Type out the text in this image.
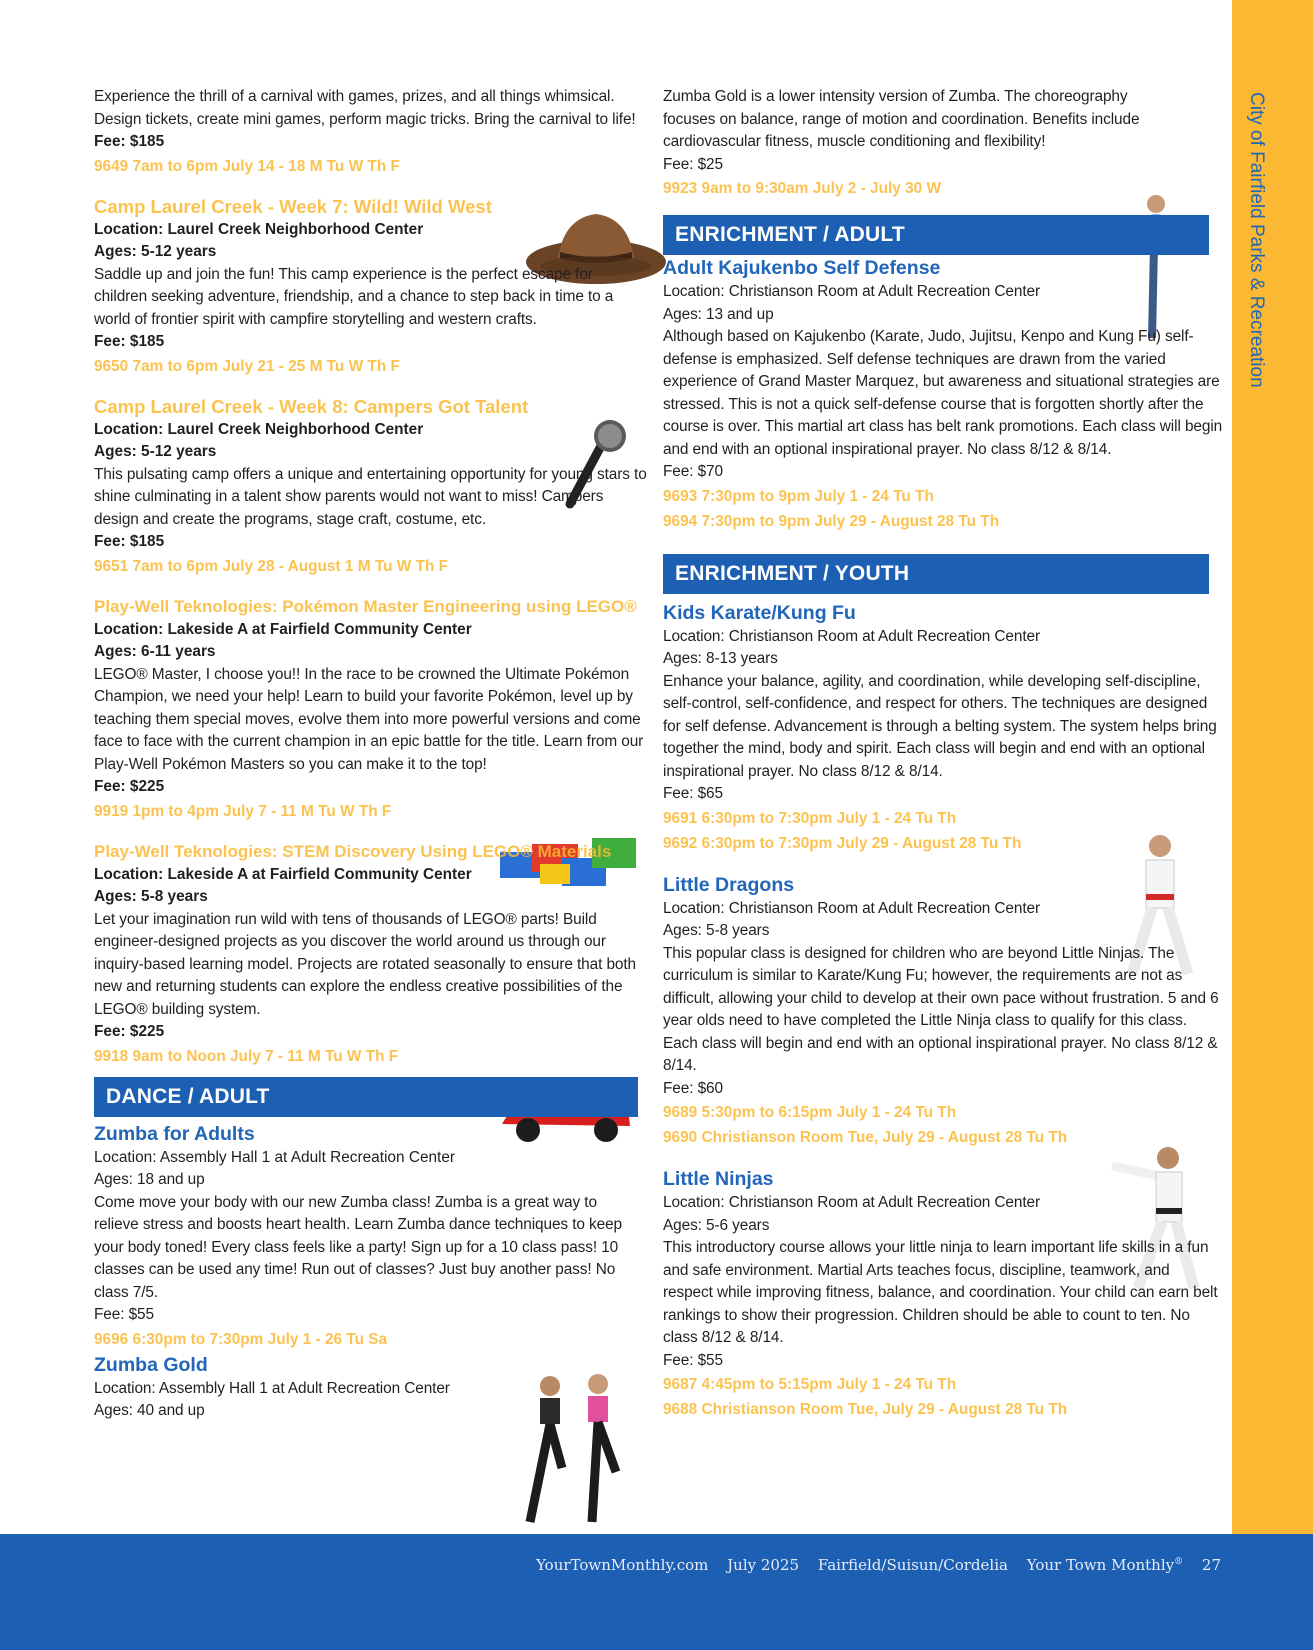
City of Fairfield Parks & Recreation

Experience the thrill of a carnival with games, prizes, and all things whimsical. Design tickets, create mini games, perform magic tricks. Bring the carnival to life!

Fee: $185

9649 7am to 6pm July 14 - 18 M Tu W Th F

Camp Laurel Creek - Week 7: Wild! Wild West

Location: Laurel Creek Neighborhood Center

Ages: 5-12 years

Saddle up and join the fun! This camp experience is the perfect escape for children seeking adventure, friendship, and a chance to step back in time to a world of frontier spirit with campfire storytelling and western crafts.

Fee: $185

9650 7am to 6pm July 21 - 25 M Tu W Th F

Camp Laurel Creek - Week 8: Campers Got Talent

Location: Laurel Creek Neighborhood Center

Ages: 5-12 years

This pulsating camp offers a unique and entertaining opportunity for young stars to shine culminating in a talent show parents would not want to miss! Campers design and create the programs, stage craft, costume, etc.

Fee: $185

9651 7am to 6pm July 28 - August 1 M Tu W Th F

Play-Well Teknologies: Pokémon Master Engineering using LEGO®

Location: Lakeside A at Fairfield Community Center

Ages: 6-11 years

LEGO® Master, I choose you!! In the race to be crowned the Ultimate Pokémon Champion, we need your help! Learn to build your favorite Pokémon, level up by teaching them special moves, evolve them into more powerful versions and come face to face with the current champion in an epic battle for the title. Learn from our Play-Well Pokémon Masters so you can make it to the top!

Fee: $225

9919 1pm to 4pm July 7 - 11 M Tu W Th F

Play-Well Teknologies: STEM Discovery Using LEGO® Materials

Location: Lakeside A at Fairfield Community Center

Ages: 5-8 years

Let your imagination run wild with tens of thousands of LEGO® parts! Build engineer-designed projects as you discover the world around us through our inquiry-based learning model. Projects are rotated seasonally to ensure that both new and returning students can explore the endless creative possibilities of the LEGO® building system.

Fee: $225

9918 9am to Noon July 7 - 11 M Tu W Th F

DANCE / ADULT

Zumba for Adults

Location: Assembly Hall 1 at Adult Recreation Center

Ages: 18 and up

Come move your body with our new Zumba class! Zumba is a great way to relieve stress and boosts heart health. Learn Zumba dance techniques to keep your body toned! Every class feels like a party! Sign up for a 10 class pass! 10 classes can be used any time! Run out of classes? Just buy another pass! No class 7/5.

Fee: $55

9696 6:30pm to 7:30pm July 1 - 26 Tu Sa

Zumba Gold

Location: Assembly Hall 1 at Adult Recreation Center

Ages: 40 and up

Zumba Gold is a lower intensity version of Zumba. The choreography focuses on balance, range of motion and coordination. Benefits include cardiovascular fitness, muscle conditioning and flexibility!

Fee: $25

9923 9am to 9:30am July 2 - July 30 W

ENRICHMENT / ADULT

Adult Kajukenbo Self Defense

Location: Christianson Room at Adult Recreation Center

Ages: 13 and up

Although based on Kajukenbo (Karate, Judo, Jujitsu, Kenpo and Kung Fu) self-defense is emphasized. Self defense techniques are drawn from the varied experience of Grand Master Marquez, but awareness and situational strategies are stressed. This is not a quick self-defense course that is forgotten shortly after the course is over. This martial art class has belt rank promotions. Each class will begin and end with an optional inspirational prayer. No class 8/12 & 8/14.

Fee: $70

9693 7:30pm to 9pm July 1 - 24 Tu Th

9694 7:30pm to 9pm July 29 - August 28 Tu Th

ENRICHMENT / YOUTH

Kids Karate/Kung Fu

Location: Christianson Room at Adult Recreation Center

Ages: 8-13 years

Enhance your balance, agility, and coordination, while developing self-discipline, self-control, self-confidence, and respect for others. The techniques are designed for self defense. Advancement is through a belting system. The system helps bring together the mind, body and spirit. Each class will begin and end with an optional inspirational prayer. No class 8/12 & 8/14.

Fee: $65

9691 6:30pm to 7:30pm July 1 - 24 Tu Th

9692 6:30pm to 7:30pm July 29 - August 28 Tu Th

Little Dragons

Location: Christianson Room at Adult Recreation Center

Ages: 5-8 years

This popular class is designed for children who are beyond Little Ninjas. The curriculum is similar to Karate/Kung Fu; however, the requirements are not as difficult, allowing your child to develop at their own pace without frustration. 5 and 6 year olds need to have completed the Little Ninja class to qualify for this class. Each class will begin and end with an optional inspirational prayer. No class 8/12 & 8/14.

Fee: $60

9689 5:30pm to 6:15pm July 1 - 24 Tu Th

9690 Christianson Room Tue, July 29 - August 28 Tu Th

Little Ninjas

Location: Christianson Room at Adult Recreation Center

Ages: 5-6 years

This introductory course allows your little ninja to learn important life skills in a fun and safe environment. Martial Arts teaches focus, discipline, teamwork, and respect while improving fitness, balance, and coordination. Your child can earn belt rankings to show their progression. Children should be able to count to ten. No class 8/12 & 8/14.

Fee: $55

9687 4:45pm to 5:15pm July 1 - 24 Tu Th

9688 Christianson Room Tue, July 29 - August 28 Tu Th

YourTownMonthly.com July 2025 Fairfield/Suisun/Cordelia Your Town Monthly® 27
